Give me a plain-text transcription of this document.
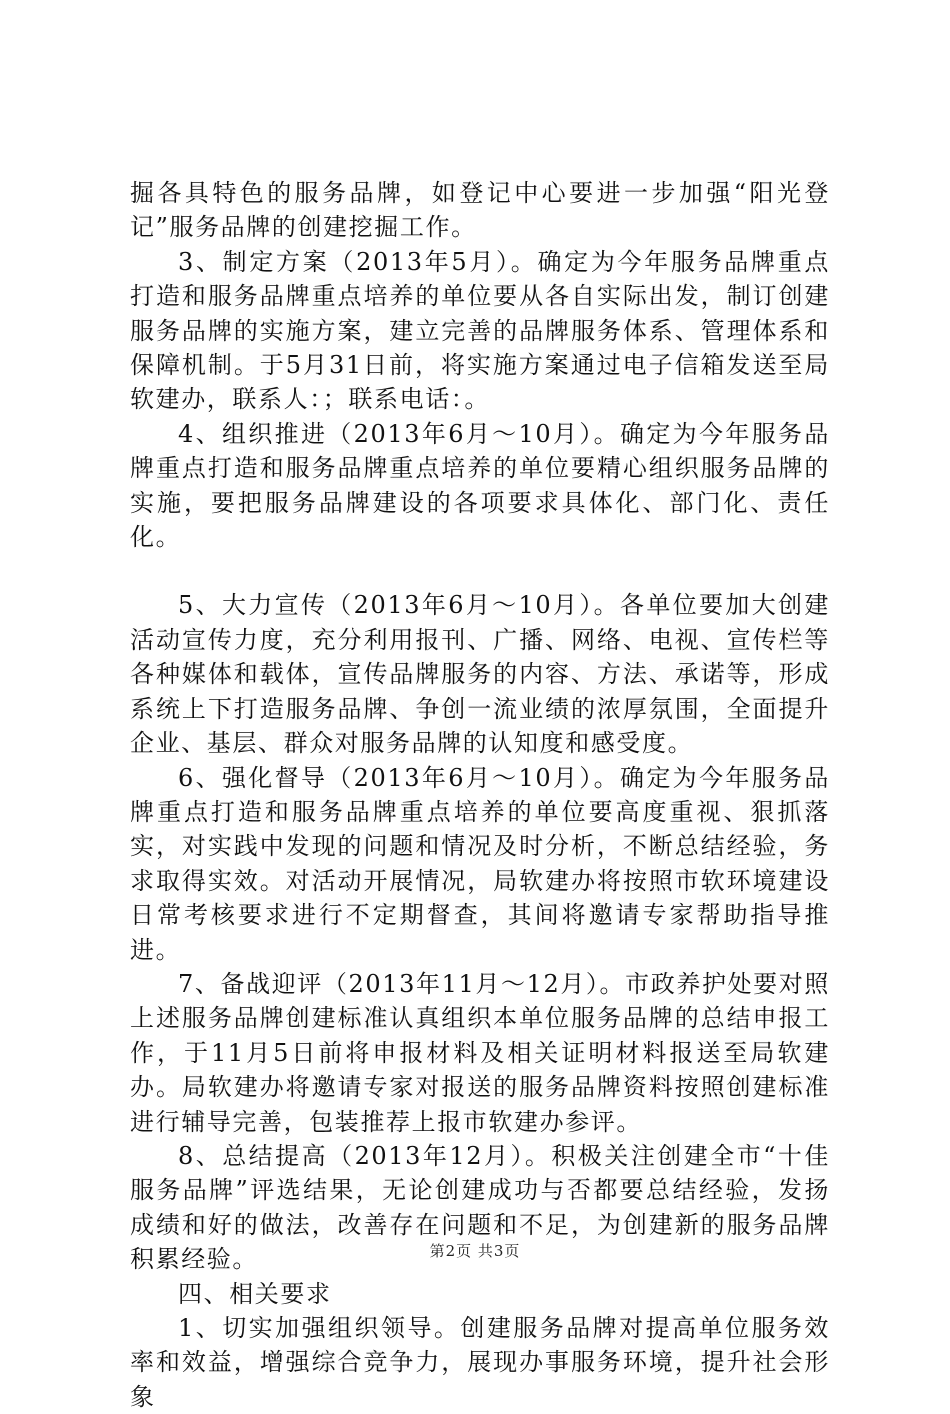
掘各具特色的服务品牌，如登记中心要进一步加强“阳光登记”服务品牌的创建挖掘工作。

3、制定方案（2013年5月）。确定为今年服务品牌重点打造和服务品牌重点培养的单位要从各自实际出发，制订创建服务品牌的实施方案，建立完善的品牌服务体系、管理体系和保障机制。于5月31日前，将实施方案通过电子信箱发送至局软建办，联系人：；联系电话：。

4、组织推进（2013年6月～10月）。确定为今年服务品牌重点打造和服务品牌重点培养的单位要精心组织服务品牌的实施，要把服务品牌建设的各项要求具体化、部门化、责任化。

5、大力宣传（2013年6月～10月）。各单位要加大创建活动宣传力度，充分利用报刊、广播、网络、电视、宣传栏等各种媒体和载体，宣传品牌服务的内容、方法、承诺等，形成系统上下打造服务品牌、争创一流业绩的浓厚氛围，全面提升企业、基层、群众对服务品牌的认知度和感受度。

6、强化督导（2013年6月～10月）。确定为今年服务品牌重点打造和服务品牌重点培养的单位要高度重视、狠抓落实，对实践中发现的问题和情况及时分析，不断总结经验，务求取得实效。对活动开展情况，局软建办将按照市软环境建设日常考核要求进行不定期督查，其间将邀请专家帮助指导推进。

7、备战迎评（2013年11月～12月）。市政养护处要对照上述服务品牌创建标准认真组织本单位服务品牌的总结申报工作，于11月5日前将申报材料及相关证明材料报送至局软建办。局软建办将邀请专家对报送的服务品牌资料按照创建标准进行辅导完善，包装推荐上报市软建办参评。

8、总结提高（2013年12月）。积极关注创建全市“十佳服务品牌”评选结果，无论创建成功与否都要总结经验，发扬成绩和好的做法，改善存在问题和不足，为创建新的服务品牌积累经验。

四、相关要求

1、切实加强组织领导。创建服务品牌对提高单位服务效率和效益，增强综合竞争力，展现办事服务环境，提升社会形象

第2页 共3页
